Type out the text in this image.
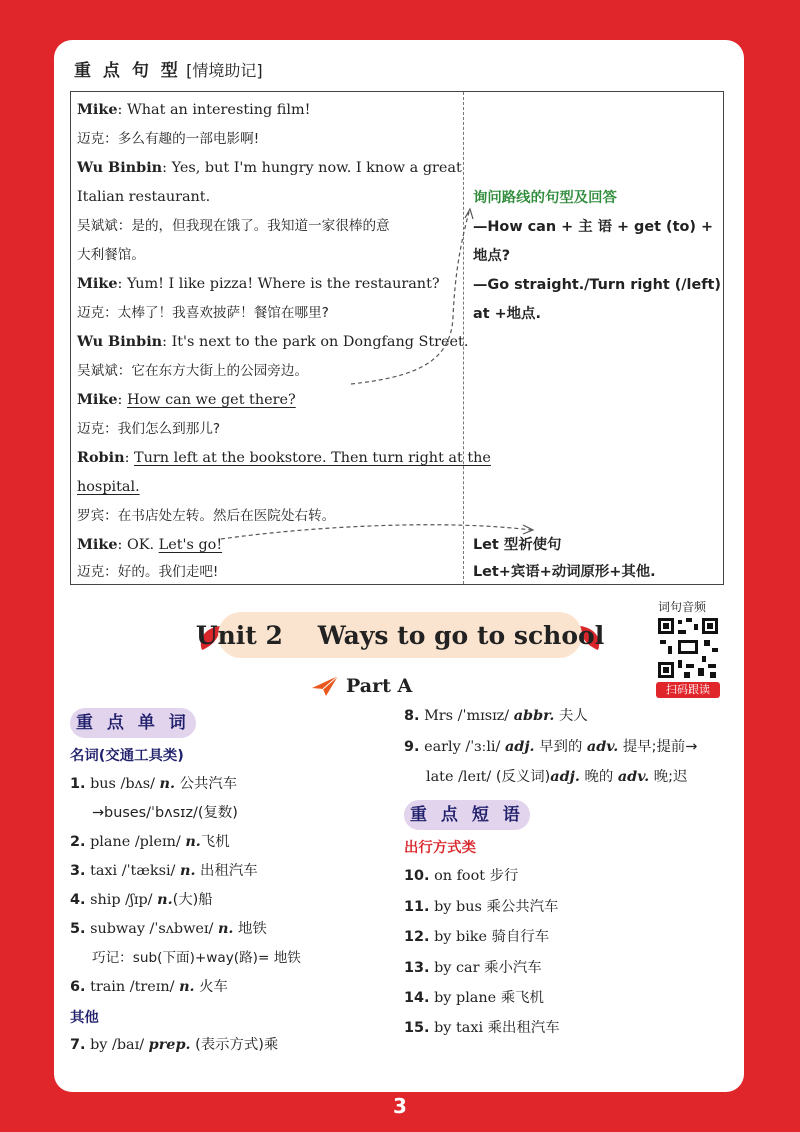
重 点 句 型 [情境助记]
Mike: What an interesting film!
迈克：多么有趣的一部电影啊!
Wu Binbin: Yes, but I'm hungry now. I know a great
Italian restaurant.
吴斌斌：是的，但我现在饿了。我知道一家很棒的意
大利餐馆。
Mike: Yum! I like pizza! Where is the restaurant?
迈克：太棒了！我喜欢披萨！餐馆在哪里?
Wu Binbin: It's next to the park on Dongfang Street.
吴斌斌：它在东方大街上的公园旁边。
Mike: How can we get there?
迈克：我们怎么到那儿?
Robin: Turn left at the bookstore. Then turn right at the
hospital.
罗宾：在书店处左转。然后在医院处右转。
Mike: OK. Let's go!
迈克：好的。我们走吧!
询问路线的句型及回答
—How can + 主 语 + get (to) +
地点?
—Go straight./Turn right (/left)
at +地点.
Let 型祈使句
Let+宾语+动词原形+其他.
Unit 2    Ways to go to school
词句音频
扫码跟读
Part A
重 点 单 词
名词(交通工具类)
1. bus /bʌs/ n. 公共汽车
→buses/ˈbʌsɪz/(复数)
2. plane /pleɪn/ n.飞机
3. taxi /ˈtæksi/ n. 出租汽车
4. ship /ʃɪp/ n.(大)船
5. subway /ˈsʌbweɪ/ n. 地铁
巧记：sub(下面)+way(路)= 地铁
6. train /treɪn/ n. 火车
其他
7. by /baɪ/ prep. (表示方式)乘
8. Mrs /ˈmɪsɪz/ abbr. 夫人
9. early /ˈɜːli/ adj. 早到的 adv. 提早;提前→
late /leɪt/ (反义词)adj. 晚的 adv. 晚;迟
重 点 短 语
出行方式类
10. on foot 步行
11. by bus 乘公共汽车
12. by bike 骑自行车
13. by car 乘小汽车
14. by plane 乘飞机
15. by taxi 乘出租汽车
3
